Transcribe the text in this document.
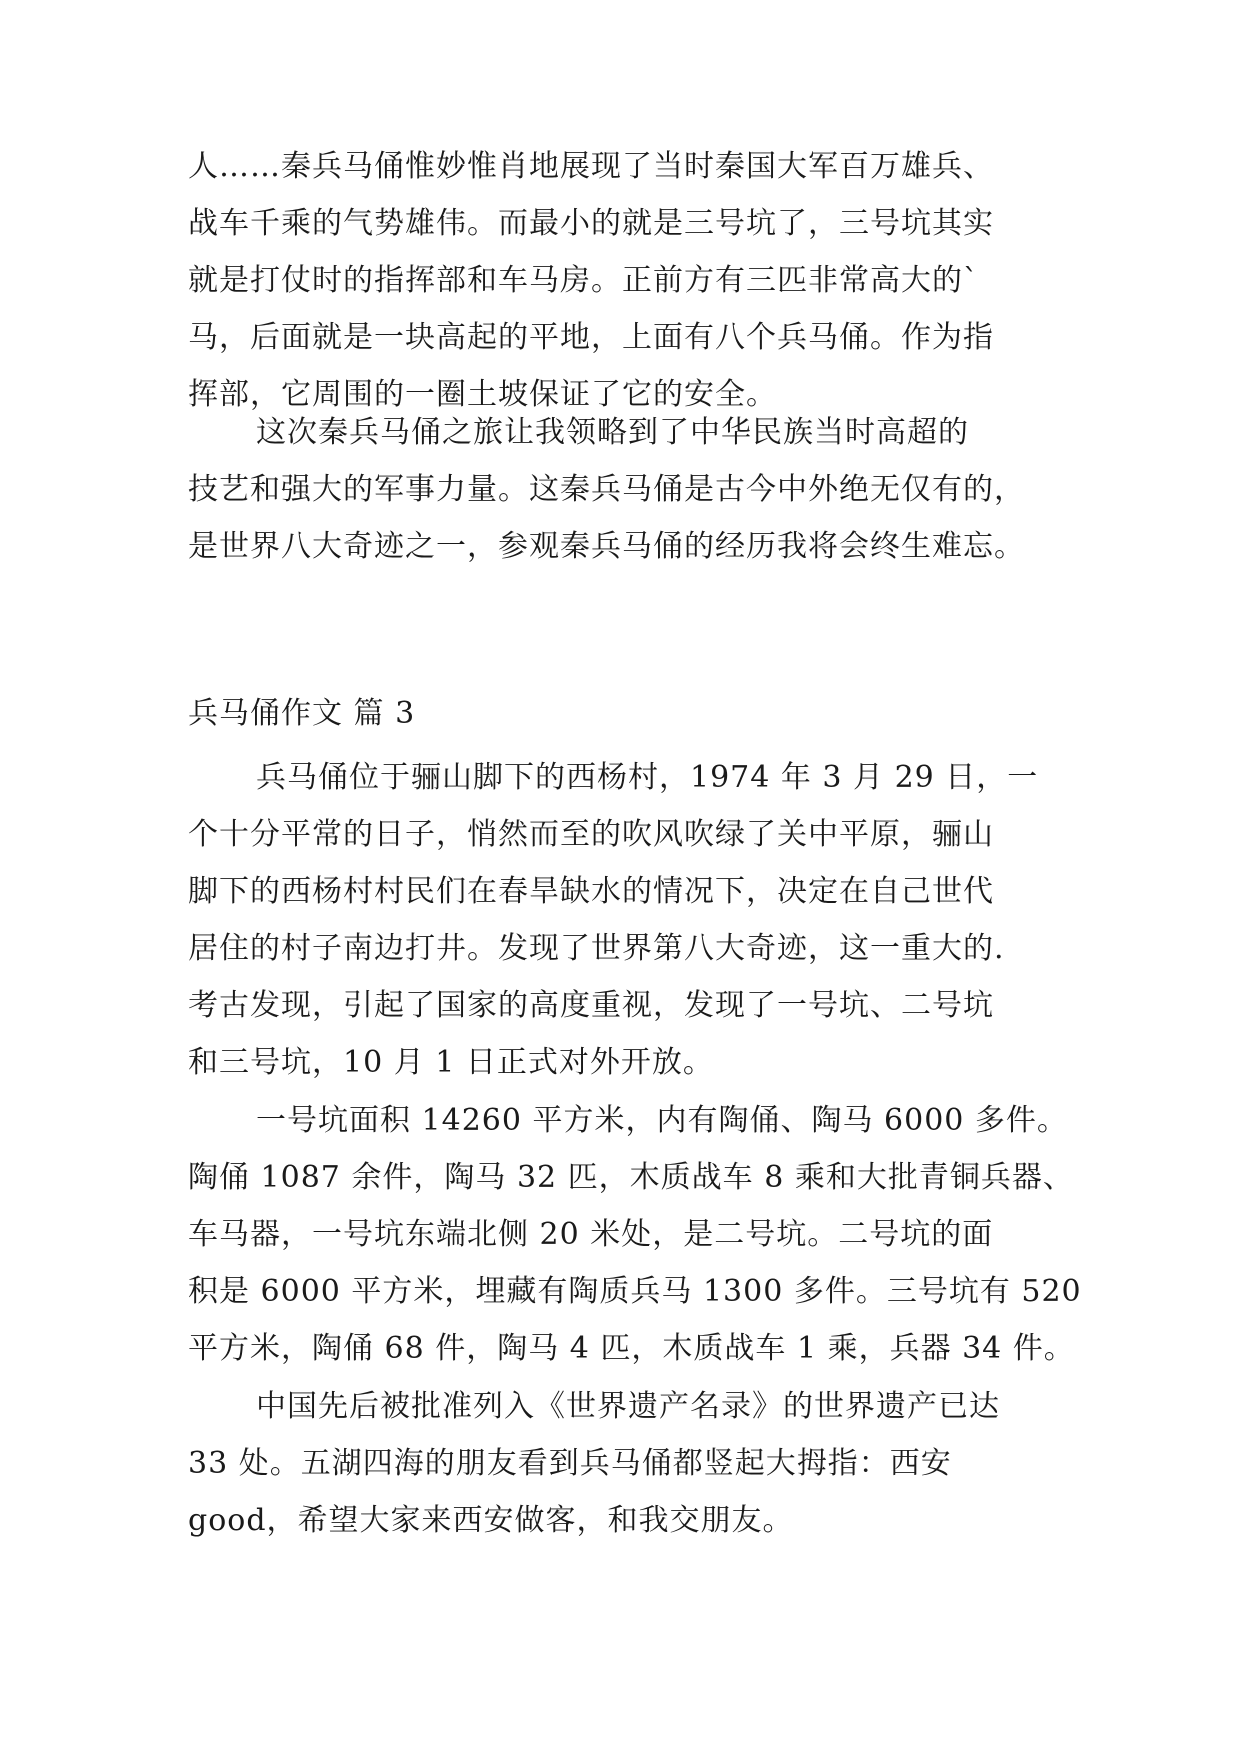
人……秦兵马俑惟妙惟肖地展现了当时秦国大军百万雄兵、
战车千乘的气势雄伟。而最小的就是三号坑了，三号坑其实
就是打仗时的指挥部和车马房。正前方有三匹非常高大的`
马，后面就是一块高起的平地，上面有八个兵马俑。作为指
挥部，它周围的一圈土坡保证了它的安全。
这次秦兵马俑之旅让我领略到了中华民族当时高超的
技艺和强大的军事力量。这秦兵马俑是古今中外绝无仅有的，
是世界八大奇迹之一，参观秦兵马俑的经历我将会终生难忘。
兵马俑作文 篇 3
兵马俑位于骊山脚下的西杨村，1974 年 3 月 29 日，一
个十分平常的日子，悄然而至的吹风吹绿了关中平原，骊山
脚下的西杨村村民们在春旱缺水的情况下，决定在自己世代
居住的村子南边打井。发现了世界第八大奇迹，这一重大的.
考古发现，引起了国家的高度重视，发现了一号坑、二号坑
和三号坑，10 月 1 日正式对外开放。
一号坑面积 14260 平方米，内有陶俑、陶马 6000 多件。
陶俑 1087 余件，陶马 32 匹，木质战车 8 乘和大批青铜兵器、
车马器，一号坑东端北侧 20 米处，是二号坑。二号坑的面
积是 6000 平方米，埋藏有陶质兵马 1300 多件。三号坑有 520
平方米，陶俑 68 件，陶马 4 匹，木质战车 1 乘，兵器 34 件。
中国先后被批准列入《世界遗产名录》的世界遗产已达
33 处。五湖四海的朋友看到兵马俑都竖起大拇指：西安
good，希望大家来西安做客，和我交朋友。
